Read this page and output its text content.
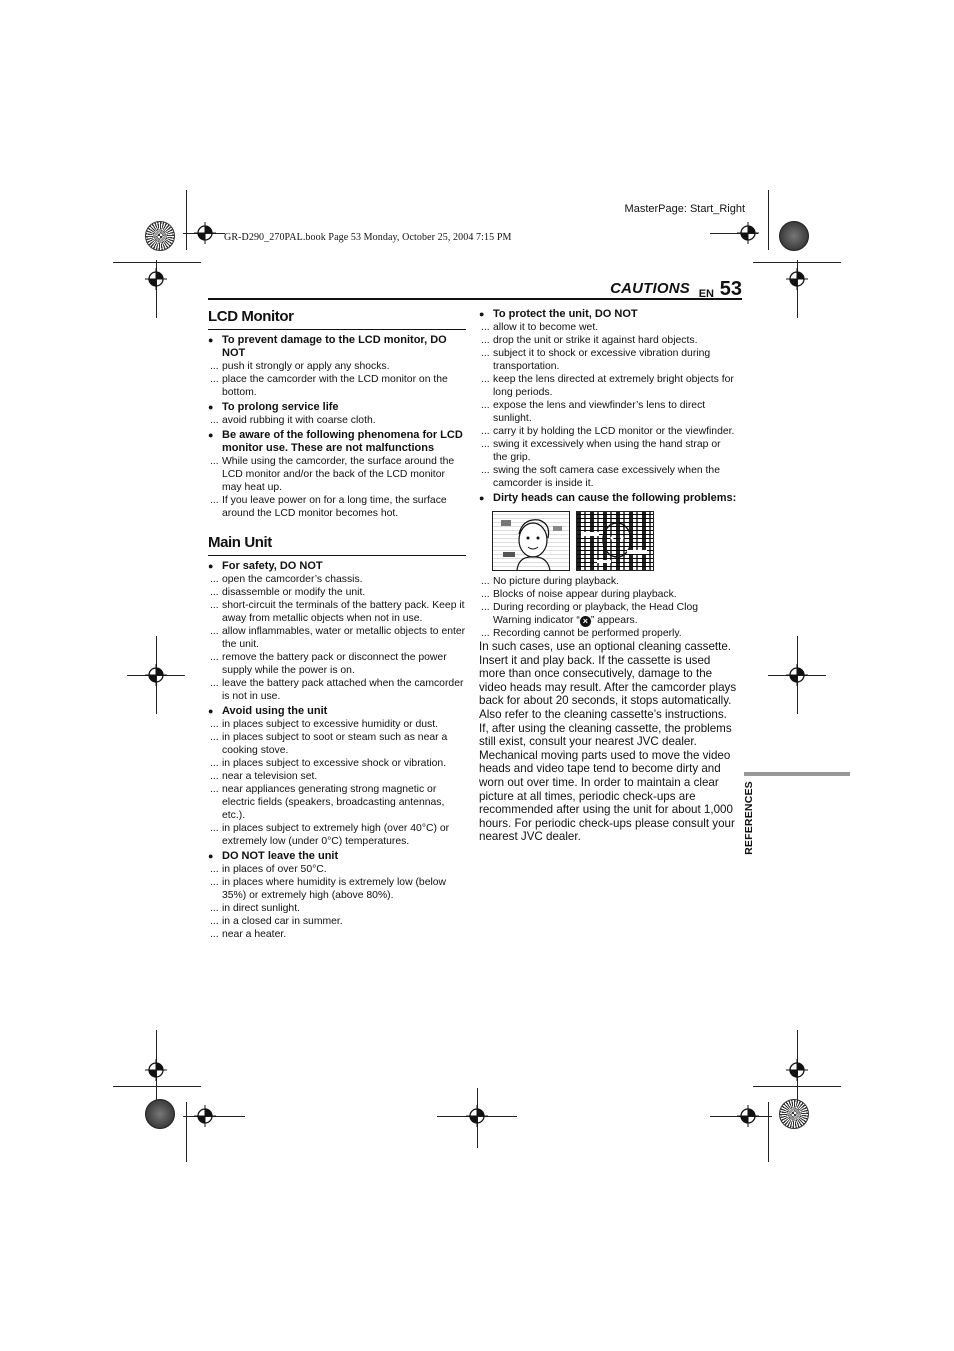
MasterPage: Start_Right
GR-D290_270PAL.book Page 53 Monday, October 25, 2004 7:15 PM
CAUTIONS EN 53
LCD Monitor
● To prevent damage to the LCD monitor, DO NOT
... push it strongly or apply any shocks.
... place the camcorder with the LCD monitor on the bottom.
● To prolong service life
... avoid rubbing it with coarse cloth.
● Be aware of the following phenomena for LCD monitor use. These are not malfunctions
... While using the camcorder, the surface around the LCD monitor and/or the back of the LCD monitor may heat up.
... If you leave power on for a long time, the surface around the LCD monitor becomes hot.
Main Unit
● For safety, DO NOT
... open the camcorder’s chassis.
... disassemble or modify the unit.
... short-circuit the terminals of the battery pack. Keep it away from metallic objects when not in use.
... allow inflammables, water or metallic objects to enter the unit.
... remove the battery pack or disconnect the power supply while the power is on.
... leave the battery pack attached when the camcorder is not in use.
● Avoid using the unit
... in places subject to excessive humidity or dust.
... in places subject to soot or steam such as near a cooking stove.
... in places subject to excessive shock or vibration.
... near a television set.
... near appliances generating strong magnetic or electric fields (speakers, broadcasting antennas, etc.).
... in places subject to extremely high (over 40°C) or extremely low (under 0°C) temperatures.
● DO NOT leave the unit
... in places of over 50°C.
... in places where humidity is extremely low (below 35%) or extremely high (above 80%).
... in direct sunlight.
... in a closed car in summer.
... near a heater.
● To protect the unit, DO NOT
... allow it to become wet.
... drop the unit or strike it against hard objects.
... subject it to shock or excessive vibration during transportation.
... keep the lens directed at extremely bright objects for long periods.
... expose the lens and viewfinder’s lens to direct sunlight.
... carry it by holding the LCD monitor or the viewfinder.
... swing it excessively when using the hand strap or the grip.
... swing the soft camera case excessively when the camcorder is inside it.
● Dirty heads can cause the following problems:
... No picture during playback.
... Blocks of noise appear during playback.
... During recording or playback, the Head Clog Warning indicator “ × ” appears.
... Recording cannot be performed properly.
In such cases, use an optional cleaning cassette. Insert it and play back. If the cassette is used more than once consecutively, damage to the video heads may result. After the camcorder plays back for about 20 seconds, it stops automatically. Also refer to the cleaning cassette’s instructions.
If, after using the cleaning cassette, the problems still exist, consult your nearest JVC dealer.
Mechanical moving parts used to move the video heads and video tape tend to become dirty and worn out over time. In order to maintain a clear picture at all times, periodic check-ups are recommended after using the unit for about 1,000 hours. For periodic check-ups please consult your nearest JVC dealer.	REFERENCES
